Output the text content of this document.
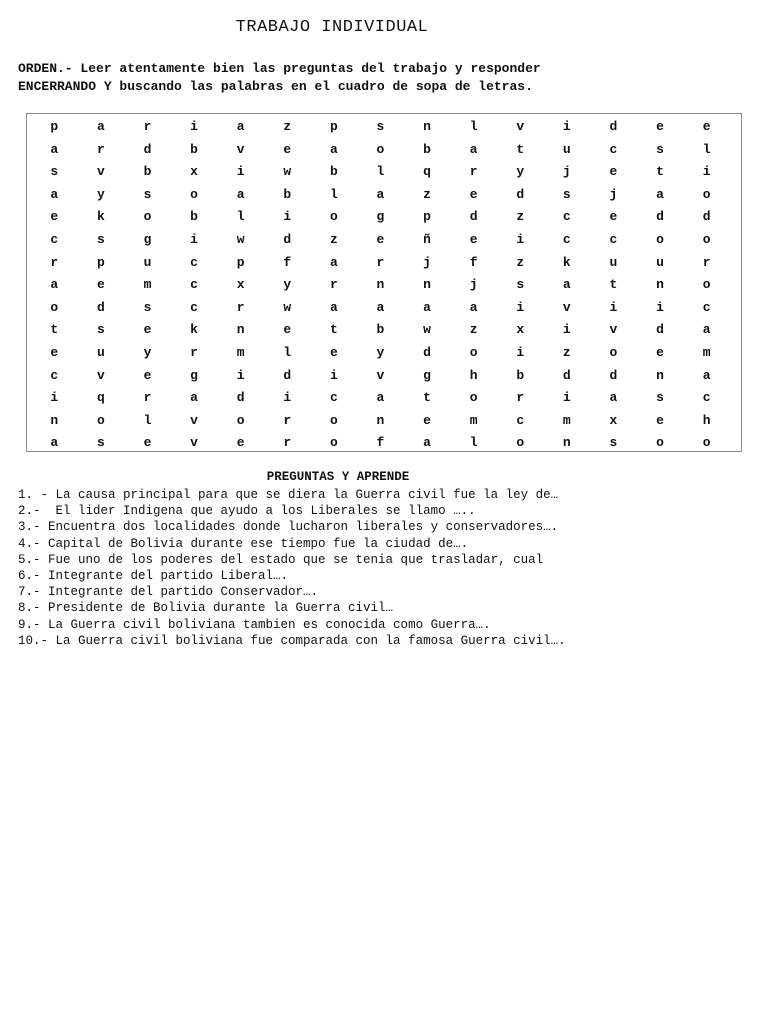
TRABAJO INDIVIDUAL
ORDEN.- Leer atentamente bien las preguntas del trabajo y responder
ENCERRANDO Y buscando las palabras en el cuadro de sopa de letras.
p	a	r	i	a	z	p	s	n	l	v	i	d	e	e
a	r	d	b	v	e	a	o	b	a	t	u	c	s	l
s	v	b	x	i	w	b	l	q	r	y	j	e	t	i
a	y	s	o	a	b	l	a	z	e	d	s	j	a	o
e	k	o	b	l	i	o	g	p	d	z	c	e	d	d
c	s	g	i	w	d	z	e	ñ	e	i	c	c	o	o
r	p	u	c	p	f	a	r	j	f	z	k	u	u	r
a	e	m	c	x	y	r	n	n	j	s	a	t	n	o
o	d	s	c	r	w	a	a	a	a	i	v	i	i	c
t	s	e	k	n	e	t	b	w	z	x	i	v	d	a
e	u	y	r	m	l	e	y	d	o	i	z	o	e	m
c	v	e	g	i	d	i	v	g	h	b	d	d	n	a
i	q	r	a	d	i	c	a	t	o	r	i	a	s	c
n	o	l	v	o	r	o	n	e	m	c	m	x	e	h
a	s	e	v	e	r	o	f	a	l	o	n	s	o	o
PREGUNTAS Y APRENDE
1. - La causa principal para que se diera la Guerra civil fue la ley de…
2.-  El lider Indigena que ayudo a los Liberales se llamo …..
3.- Encuentra dos localidades donde lucharon liberales y conservadores….
4.- Capital de Bolivia durante ese tiempo fue la ciudad de….
5.- Fue uno de los poderes del estado que se tenia que trasladar, cual
6.- Integrante del partido Liberal….
7.- Integrante del partido Conservador….
8.- Presidente de Bolivia durante la Guerra civil…
9.- La Guerra civil boliviana tambien es conocida como Guerra….
10.- La Guerra civil boliviana fue comparada con la famosa Guerra civil….
